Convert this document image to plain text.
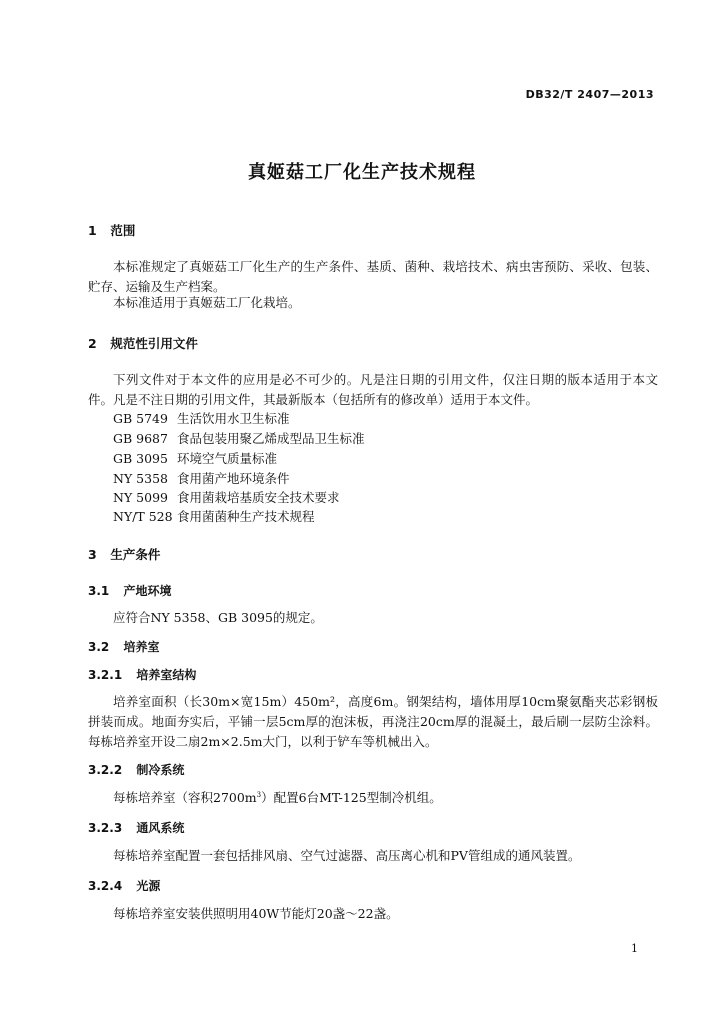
DB32/T 2407—2013
真姬菇工厂化生产技术规程
1 范围
本标准规定了真姬菇工厂化生产的生产条件、基质、菌种、栽培技术、病虫害预防、采收、包装、贮存、运输及生产档案。
本标准适用于真姬菇工厂化栽培。
2 规范性引用文件
下列文件对于本文件的应用是必不可少的。凡是注日期的引用文件，仅注日期的版本适用于本文件。凡是不注日期的引用文件，其最新版本（包括所有的修改单）适用于本文件。
GB 5749 生活饮用水卫生标准
GB 9687 食品包装用聚乙烯成型品卫生标准
GB 3095 环境空气质量标准
NY 5358 食用菌产地环境条件
NY 5099 食用菌栽培基质安全技术要求
NY/T 528 食用菌菌种生产技术规程
3 生产条件
3.1 产地环境
应符合NY 5358、GB 3095的规定。
3.2 培养室
3.2.1 培养室结构
培养室面积（长30m×宽15m）450m²，高度6m。钢架结构，墙体用厚10cm聚氨酯夹芯彩钢板拼装而成。地面夯实后，平铺一层5cm厚的泡沫板，再浇注20cm厚的混凝土，最后刷一层防尘涂料。每栋培养室开设二扇2m×2.5m大门，以利于铲车等机械出入。
3.2.2 制冷系统
每栋培养室（容积$2700m^3$）配置6台MT-125型制冷机组。
3.2.3 通风系统
每栋培养室配置一套包括排风扇、空气过滤器、高压离心机和PV管组成的通风装置。
3.2.4 光源
每栋培养室安装供照明用40W节能灯20盏～22盏。
1
